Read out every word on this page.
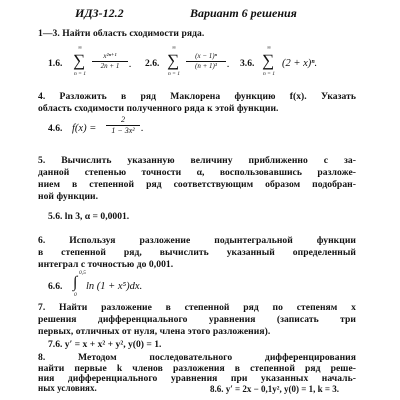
ИДЗ-12.2	Вариант 6 решения
1—3. Найти область сходимости ряда.
1.6. ∑
∞
n = 1
x²ⁿ⁺¹
2n + 1 . 2.6. ∑
∞
n = 1
(x − 1)ⁿ
(n + 1)³ . 3.6. ∑
∞
n = 1
(2 + x)ⁿ.
4. Разложить в ряд Маклорена функцию f(x). Указать
область сходимости полученного ряда к этой функции.
4.6. f(x) =
2
1 − 3x² .
5. Вычислить указанную величину приближенно с за-
данной степенью точности α, воспользовавшись разложе-
нием в степенной ряд соответствующим образом подобран-
ной функции.
5.6. ln 3, α = 0,0001.
6. Используя разложение подынтегральной функции
в степенной ряд, вычислить указанный определенный
интеграл с точностью до 0,001.
6.6. ∫
0,5
0
ln (1 + x⁵)dx.
7. Найти разложение в степенной ряд по степеням x
решения дифференциального уравнения (записать три
первых, отличных от нуля, члена этого разложения).
7.6. y′ = x + x² + y², y(0) = 1.
8. Методом последовательного дифференцирования
найти первые k членов разложения в степенной ряд реше-
ния дифференциального уравнения при указанных началь-
ных условиях.	8.6. y′ = 2x − 0,1y², y(0) = 1, k = 3.
